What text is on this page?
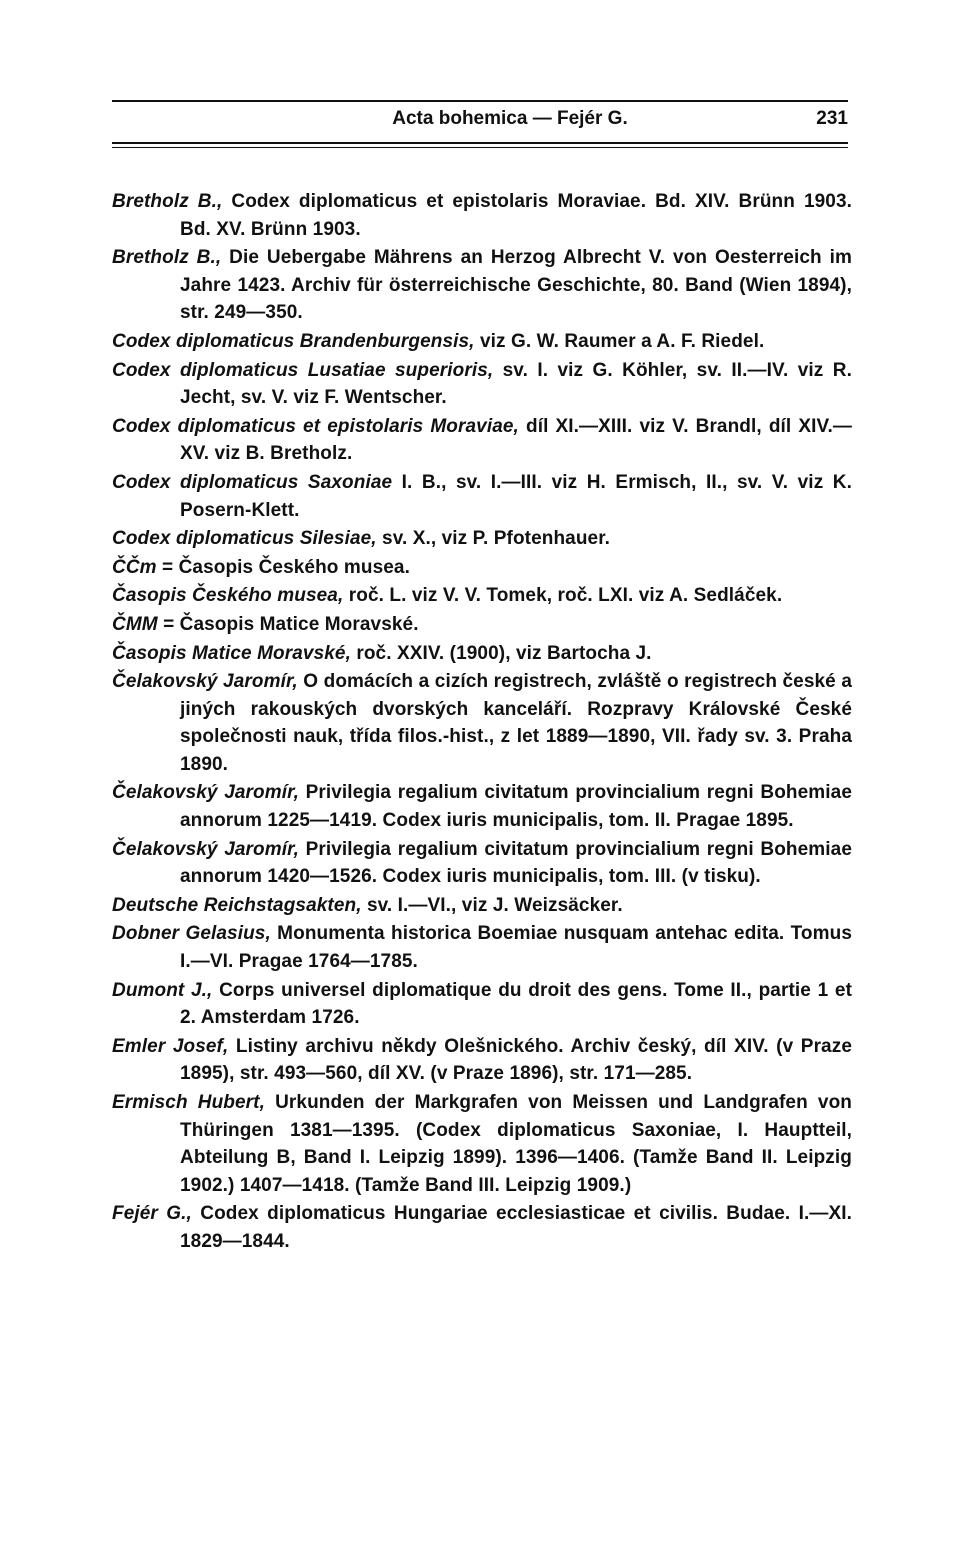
Acta bohemica — Fejér G.	231
Bretholz B., Codex diplomaticus et epistolaris Moraviae. Bd. XIV. Brünn 1903. Bd. XV. Brünn 1903.
Bretholz B., Die Uebergabe Mährens an Herzog Albrecht V. von Oesterreich im Jahre 1423. Archiv für österreichische Geschichte, 80. Band (Wien 1894), str. 249—350.
Codex diplomaticus Brandenburgensis, viz G. W. Raumer a A. F. Riedel.
Codex diplomaticus Lusatiae superioris, sv. I. viz G. Köhler, sv. II.—IV. viz R. Jecht, sv. V. viz F. Wentscher.
Codex diplomaticus et epistolaris Moraviae, díl XI.—XIII. viz V. Brandl, díl XIV.—XV. viz B. Bretholz.
Codex diplomaticus Saxoniae I. B., sv. I.—III. viz H. Ermisch, II., sv. V. viz K. Posern-Klett.
Codex diplomaticus Silesiae, sv. X., viz P. Pfotenhauer.
ČČm = Časopis Českého musea.
Časopis Českého musea, roč. L. viz V. V. Tomek, roč. LXI. viz A. Sedláček.
ČMM = Časopis Matice Moravské.
Časopis Matice Moravské, roč. XXIV. (1900), viz Bartocha J.
Čelakovský Jaromír, O domácích a cizích registrech, zvláště o registrech české a jiných rakouských dvorských kanceláří. Rozpravy Královské České společnosti nauk, třída filos.-hist., z let 1889—1890, VII. řady sv. 3. Praha 1890.
Čelakovský Jaromír, Privilegia regalium civitatum provincialium regni Bohemiae annorum 1225—1419. Codex iuris municipalis, tom. II. Pragae 1895.
Čelakovský Jaromír, Privilegia regalium civitatum provincialium regni Bohemiae annorum 1420—1526. Codex iuris municipalis, tom. III. (v tisku).
Deutsche Reichstagsakten, sv. I.—VI., viz J. Weizsäcker.
Dobner Gelasius, Monumenta historica Boemiae nusquam antehac edita. Tomus I.—VI. Pragae 1764—1785.
Dumont J., Corps universel diplomatique du droit des gens. Tome II., partie 1 et 2. Amsterdam 1726.
Emler Josef, Listiny archivu někdy Olešnického. Archiv český, díl XIV. (v Praze 1895), str. 493—560, díl XV. (v Praze 1896), str. 171—285.
Ermisch Hubert, Urkunden der Markgrafen von Meissen und Landgrafen von Thüringen 1381—1395. (Codex diplomaticus Saxoniae, I. Hauptteil, Abteilung B, Band I. Leipzig 1899). 1396—1406. (Tamže Band II. Leipzig 1902.) 1407—1418. (Tamže Band III. Leipzig 1909.)
Fejér G., Codex diplomaticus Hungariae ecclesiasticae et civilis. Budae. I.—XI. 1829—1844.
